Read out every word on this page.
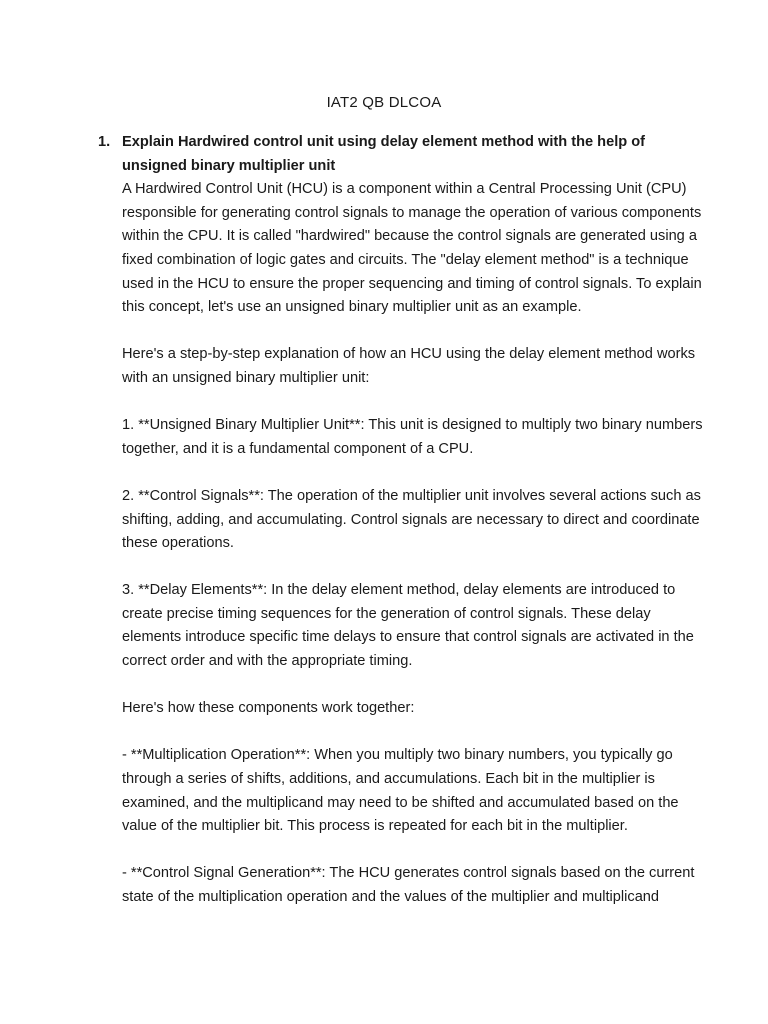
IAT2 QB DLCOA
1. Explain Hardwired control unit using delay element method with the help of unsigned binary multiplier unit

A Hardwired Control Unit (HCU) is a component within a Central Processing Unit (CPU) responsible for generating control signals to manage the operation of various components within the CPU. It is called "hardwired" because the control signals are generated using a fixed combination of logic gates and circuits. The "delay element method" is a technique used in the HCU to ensure the proper sequencing and timing of control signals. To explain this concept, let's use an unsigned binary multiplier unit as an example.

Here's a step-by-step explanation of how an HCU using the delay element method works with an unsigned binary multiplier unit:

1. **Unsigned Binary Multiplier Unit**: This unit is designed to multiply two binary numbers together, and it is a fundamental component of a CPU.

2. **Control Signals**: The operation of the multiplier unit involves several actions such as shifting, adding, and accumulating. Control signals are necessary to direct and coordinate these operations.

3. **Delay Elements**: In the delay element method, delay elements are introduced to create precise timing sequences for the generation of control signals. These delay elements introduce specific time delays to ensure that control signals are activated in the correct order and with the appropriate timing.

Here's how these components work together:

- **Multiplication Operation**: When you multiply two binary numbers, you typically go through a series of shifts, additions, and accumulations. Each bit in the multiplier is examined, and the multiplicand may need to be shifted and accumulated based on the value of the multiplier bit. This process is repeated for each bit in the multiplier.

- **Control Signal Generation**: The HCU generates control signals based on the current state of the multiplication operation and the values of the multiplier and multiplicand
